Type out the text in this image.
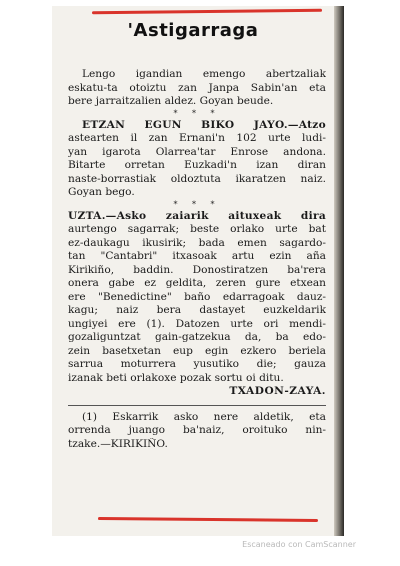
'Astigarraga
Lengo igandian emengo abertzaliak
eskatu-ta otoiztu zan Janpa Sabin'an eta
bere jarraitzalien aldez. Goyan beude.
* * *
ETZAN EGUN BIKO JAYO.—Atzo
astearten il zan Ernani'n 102 urte ludi-
yan igarota Olarrea'tar Enrose andona.
Bitarte orretan Euzkadi'n izan diran
naste-borrastiak oldoztuta ikaratzen naiz.
Goyan bego.
* * *
UZTA.—Asko zaiarik aituxeak dira
aurtengo sagarrak; beste orlako urte bat
ez-daukagu ikusirik; bada emen sagardo-
tan "Cantabri" itxasoak artu ezin aña
Kirikiño, baddin. Donostiratzen ba'rera
onera gabe ez geldita, zeren gure etxean
ere "Benedictine" baño edarragoak dauz-
kagu; naiz bera dastayet euzkeldarik
ungiyei ere (1). Datozen urte ori mendi-
gozaliguntzat gain-gatzekua da, ba edo-
zein basetxetan eup egin ezkero beriela
sarrua moturrera yusutiko die; gauza
izanak beti orlakoxe pozak sortu oi ditu.
TXADON-ZAYA.
(1) Eskarrik asko nere aldetik, eta
orrenda juango ba'naiz, oroituko nin-
tzake.—KIRIKIÑO.
Escaneado con CamScanner
